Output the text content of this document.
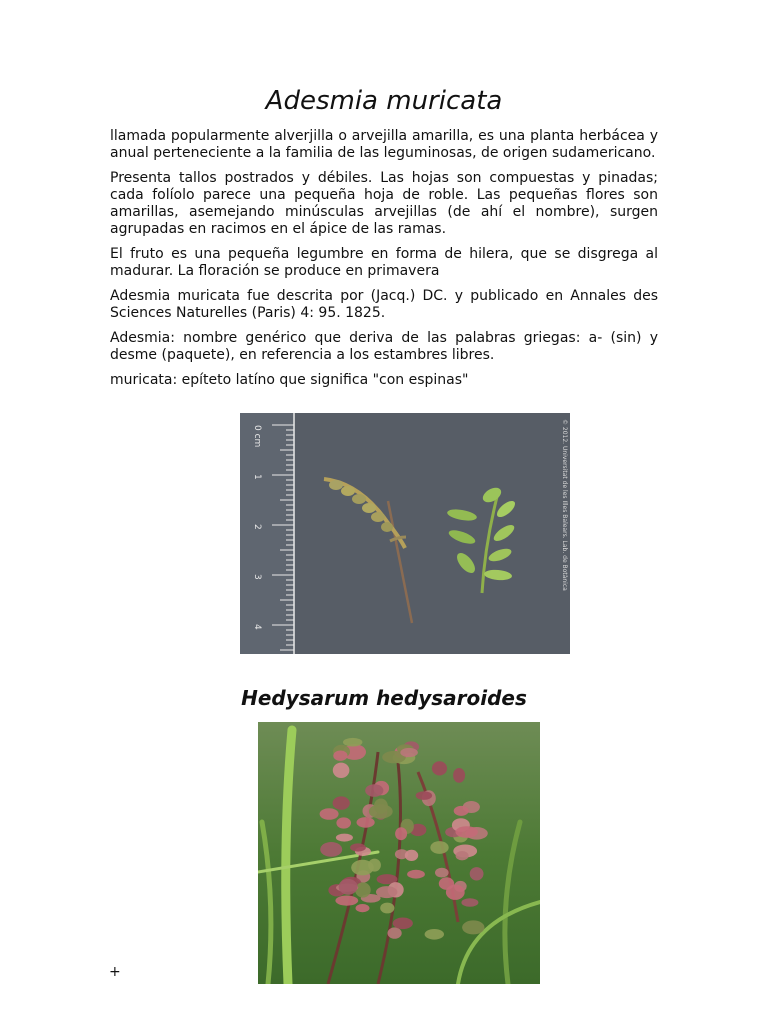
Adesmia muricata

llamada popularmente alverjilla o arvejilla amarilla, es una planta herbácea y anual perteneciente a la familia de las leguminosas, de origen sudamericano.

Presenta tallos postrados y débiles. Las hojas son compuestas y pinadas; cada folíolo parece una pequeña hoja de roble. Las pequeñas flores son amarillas, asemejando minúsculas arvejillas (de ahí el nombre), surgen agrupadas en racimos en el ápice de las ramas.

El fruto es una pequeña legumbre en forma de hilera, que se disgrega al madurar. La floración se produce en primavera

Adesmia muricata fue descrita por (Jacq.) DC. y publicado en Annales des Sciences Naturelles (Paris) 4: 95. 1825.

Adesmia: nombre genérico que deriva de las palabras griegas: a- (sin) y desme (paquete), en referencia a los estambres libres.

muricata: epíteto latíno que significa "con espinas"

0 cm
1
2
3
4
© 2012. Universitat de les Illes Balears. Lab. de Botànica
Hedysarum hedysaroides
+
